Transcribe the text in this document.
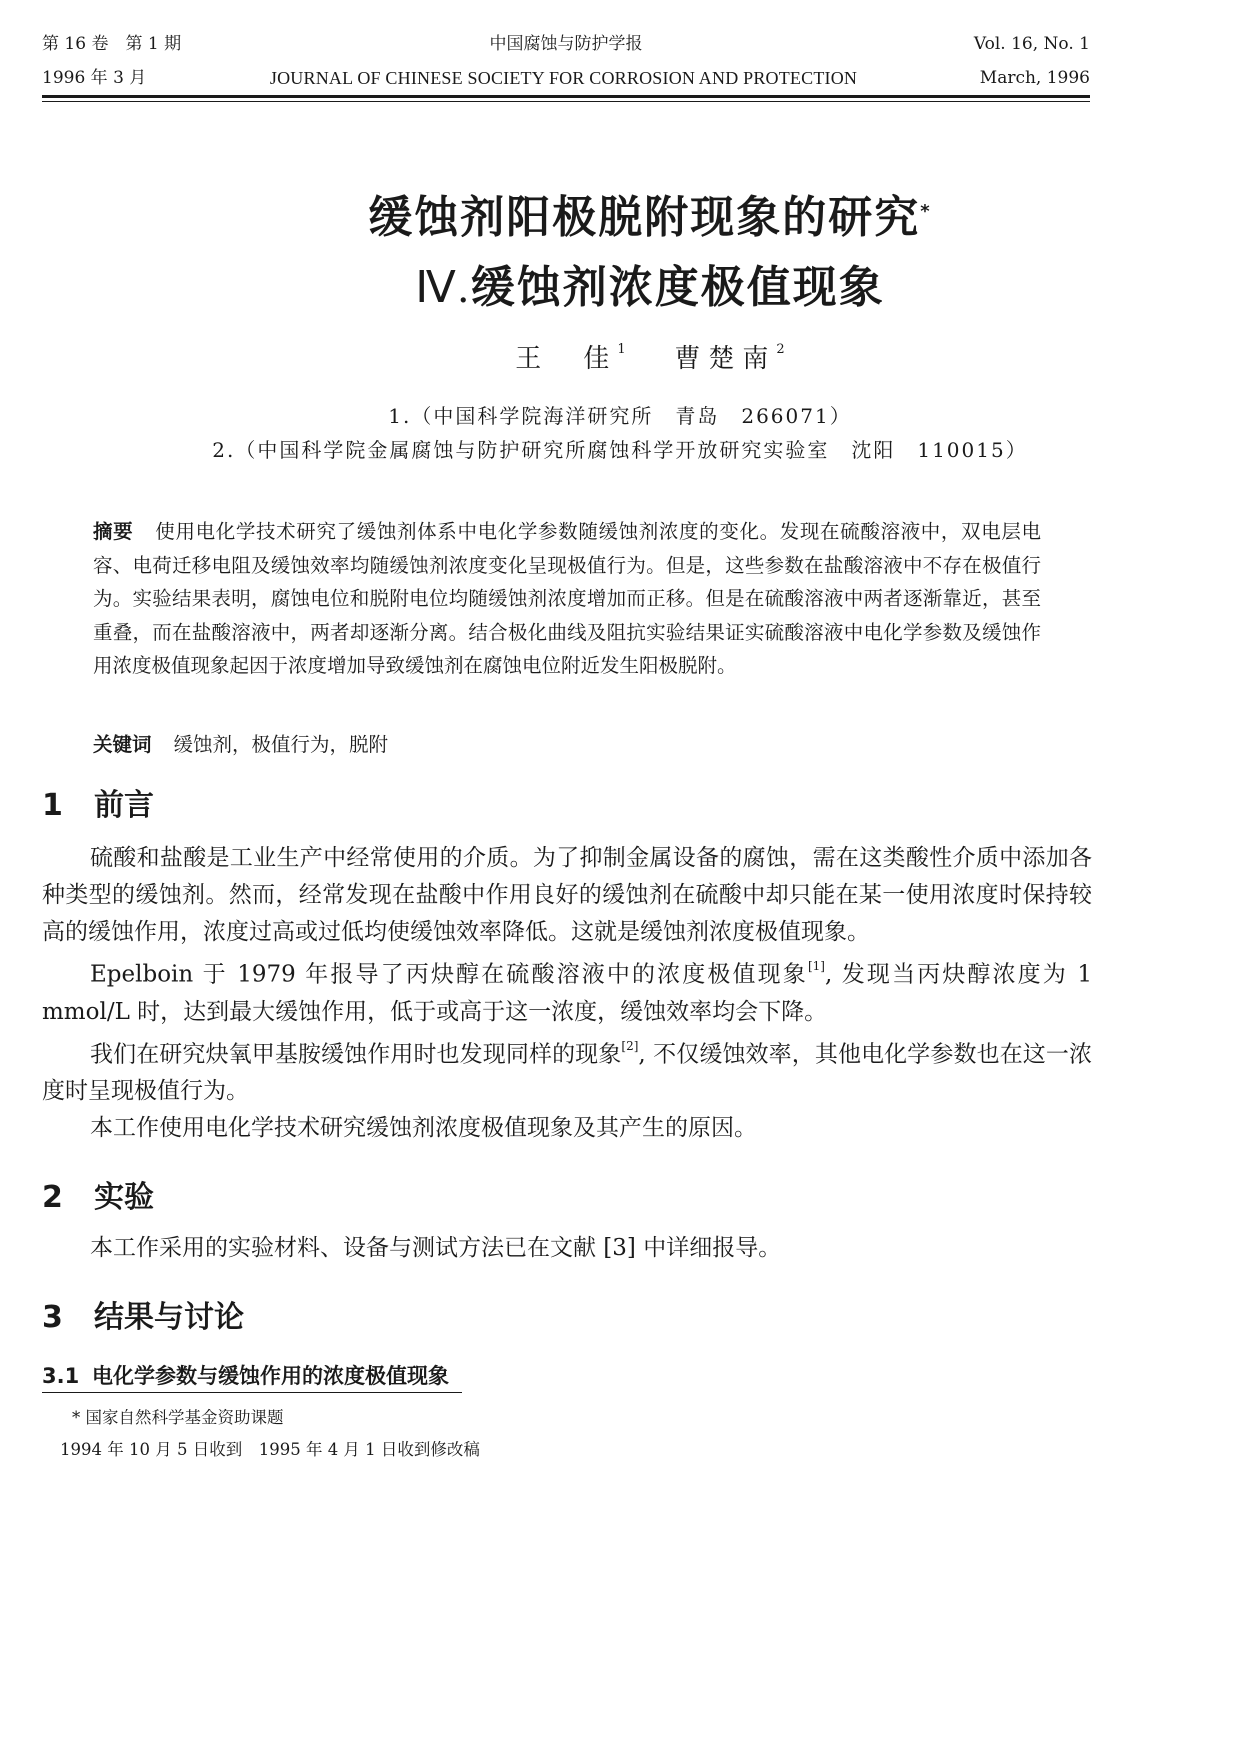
第 16 卷　第 1 期	中国腐蚀与防护学报	Vol. 16, No. 1
1996 年 3 月	JOURNAL OF CHINESE SOCIETY FOR CORROSION AND PROTECTION	March, 1996
缓蚀剂阳极脱附现象的研究*
Ⅳ.缓蚀剂浓度极值现象
王　佳$^1$ 曹楚南$^2$
1.（中国科学院海洋研究所　青岛　266071）
2.（中国科学院金属腐蚀与防护研究所腐蚀科学开放研究实验室　沈阳　110015）
摘要 使用电化学技术研究了缓蚀剂体系中电化学参数随缓蚀剂浓度的变化。发现在硫酸溶液中，双电层电容、电荷迁移电阻及缓蚀效率均随缓蚀剂浓度变化呈现极值行为。但是，这些参数在盐酸溶液中不存在极值行为。实验结果表明，腐蚀电位和脱附电位均随缓蚀剂浓度增加而正移。但是在硫酸溶液中两者逐渐靠近，甚至重叠，而在盐酸溶液中，两者却逐渐分离。结合极化曲线及阻抗实验结果证实硫酸溶液中电化学参数及缓蚀作用浓度极值现象起因于浓度增加导致缓蚀剂在腐蚀电位附近发生阳极脱附。
关键词 缓蚀剂，极值行为，脱附
1 前言

硫酸和盐酸是工业生产中经常使用的介质。为了抑制金属设备的腐蚀，需在这类酸性介质中添加各种类型的缓蚀剂。然而，经常发现在盐酸中作用良好的缓蚀剂在硫酸中却只能在某一使用浓度时保持较高的缓蚀作用，浓度过高或过低均使缓蚀效率降低。这就是缓蚀剂浓度极值现象。

Epelboin 于 1979 年报导了丙炔醇在硫酸溶液中的浓度极值现象[1], 发现当丙炔醇浓度为 1 mmol/L 时，达到最大缓蚀作用，低于或高于这一浓度，缓蚀效率均会下降。

我们在研究炔氧甲基胺缓蚀作用时也发现同样的现象[2], 不仅缓蚀效率，其他电化学参数也在这一浓度时呈现极值行为。

本工作使用电化学技术研究缓蚀剂浓度极值现象及其产生的原因。

2 实验

本工作采用的实验材料、设备与测试方法已在文献 [3] 中详细报导。

3 结果与讨论
3.1 电化学参数与缓蚀作用的浓度极值现象
* 国家自然科学基金资助课题
1994 年 10 月 5 日收到　1995 年 4 月 1 日收到修改稿
